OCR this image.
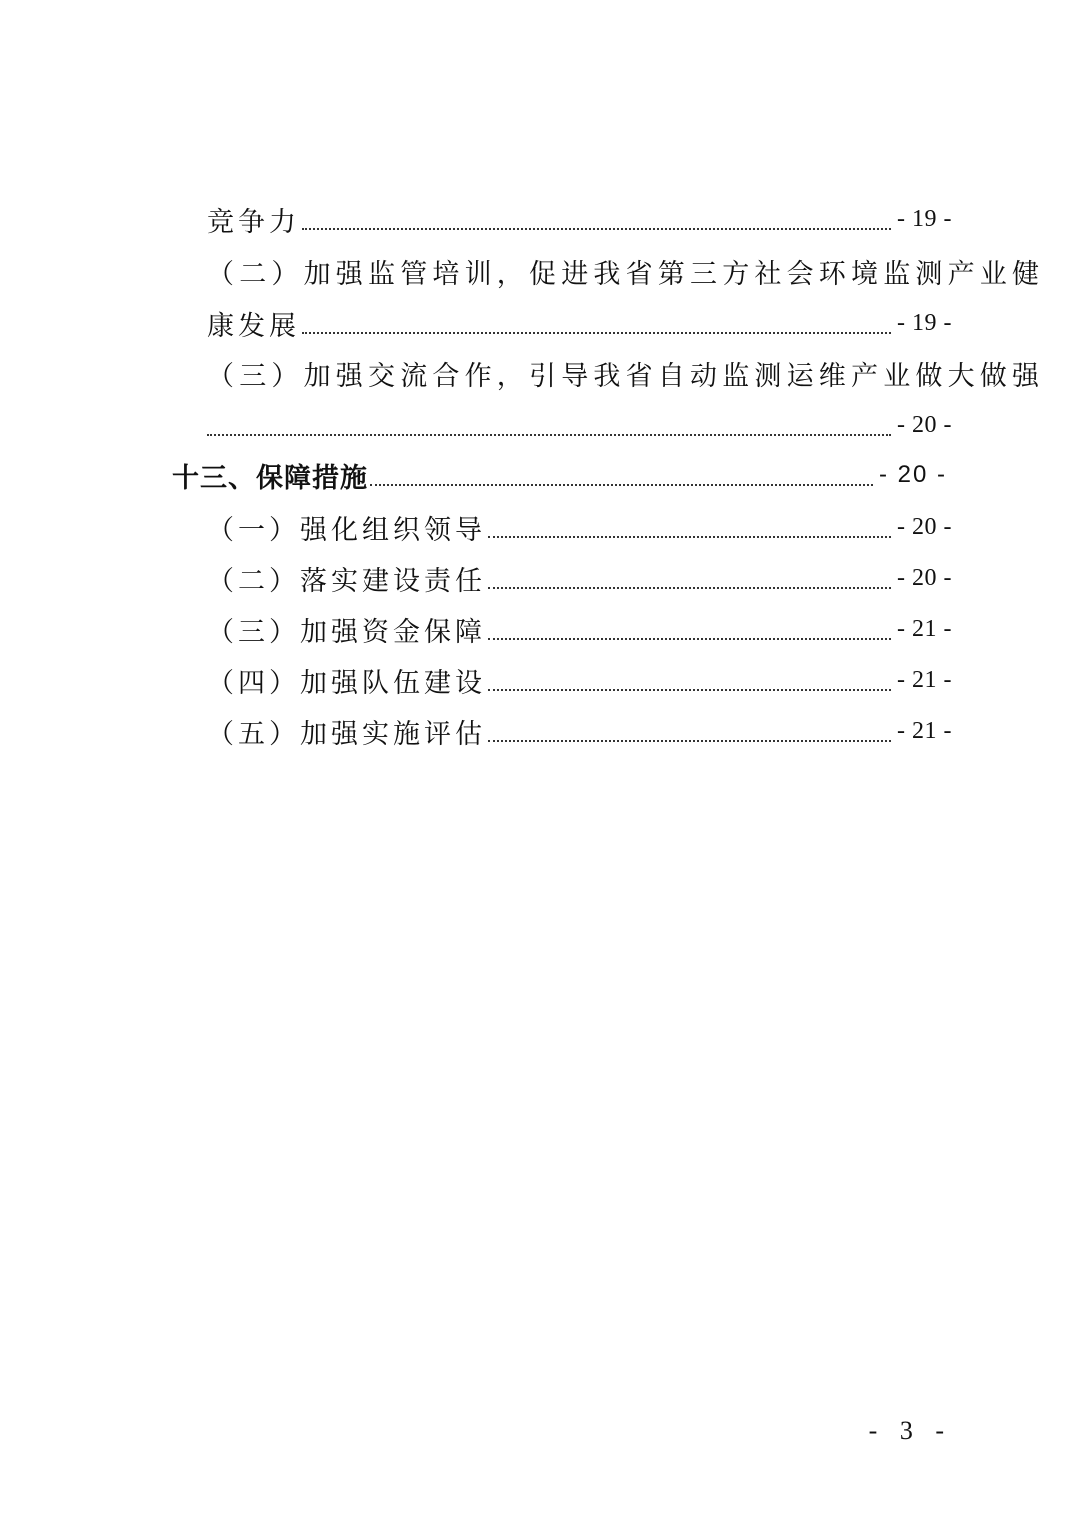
竞争力	- 19 -
（二）加强监管培训，促进我省第三方社会环境监测产业健
康发展	- 19 -
（三）加强交流合作，引导我省自动监测运维产业做大做强
- 20 -
十三、保障措施	- 20 -
（一）强化组织领导	- 20 -
（二）落实建设责任	- 20 -
（三）加强资金保障	- 21 -
（四）加强队伍建设	- 21 -
（五）加强实施评估	- 21 -
- 3 -
